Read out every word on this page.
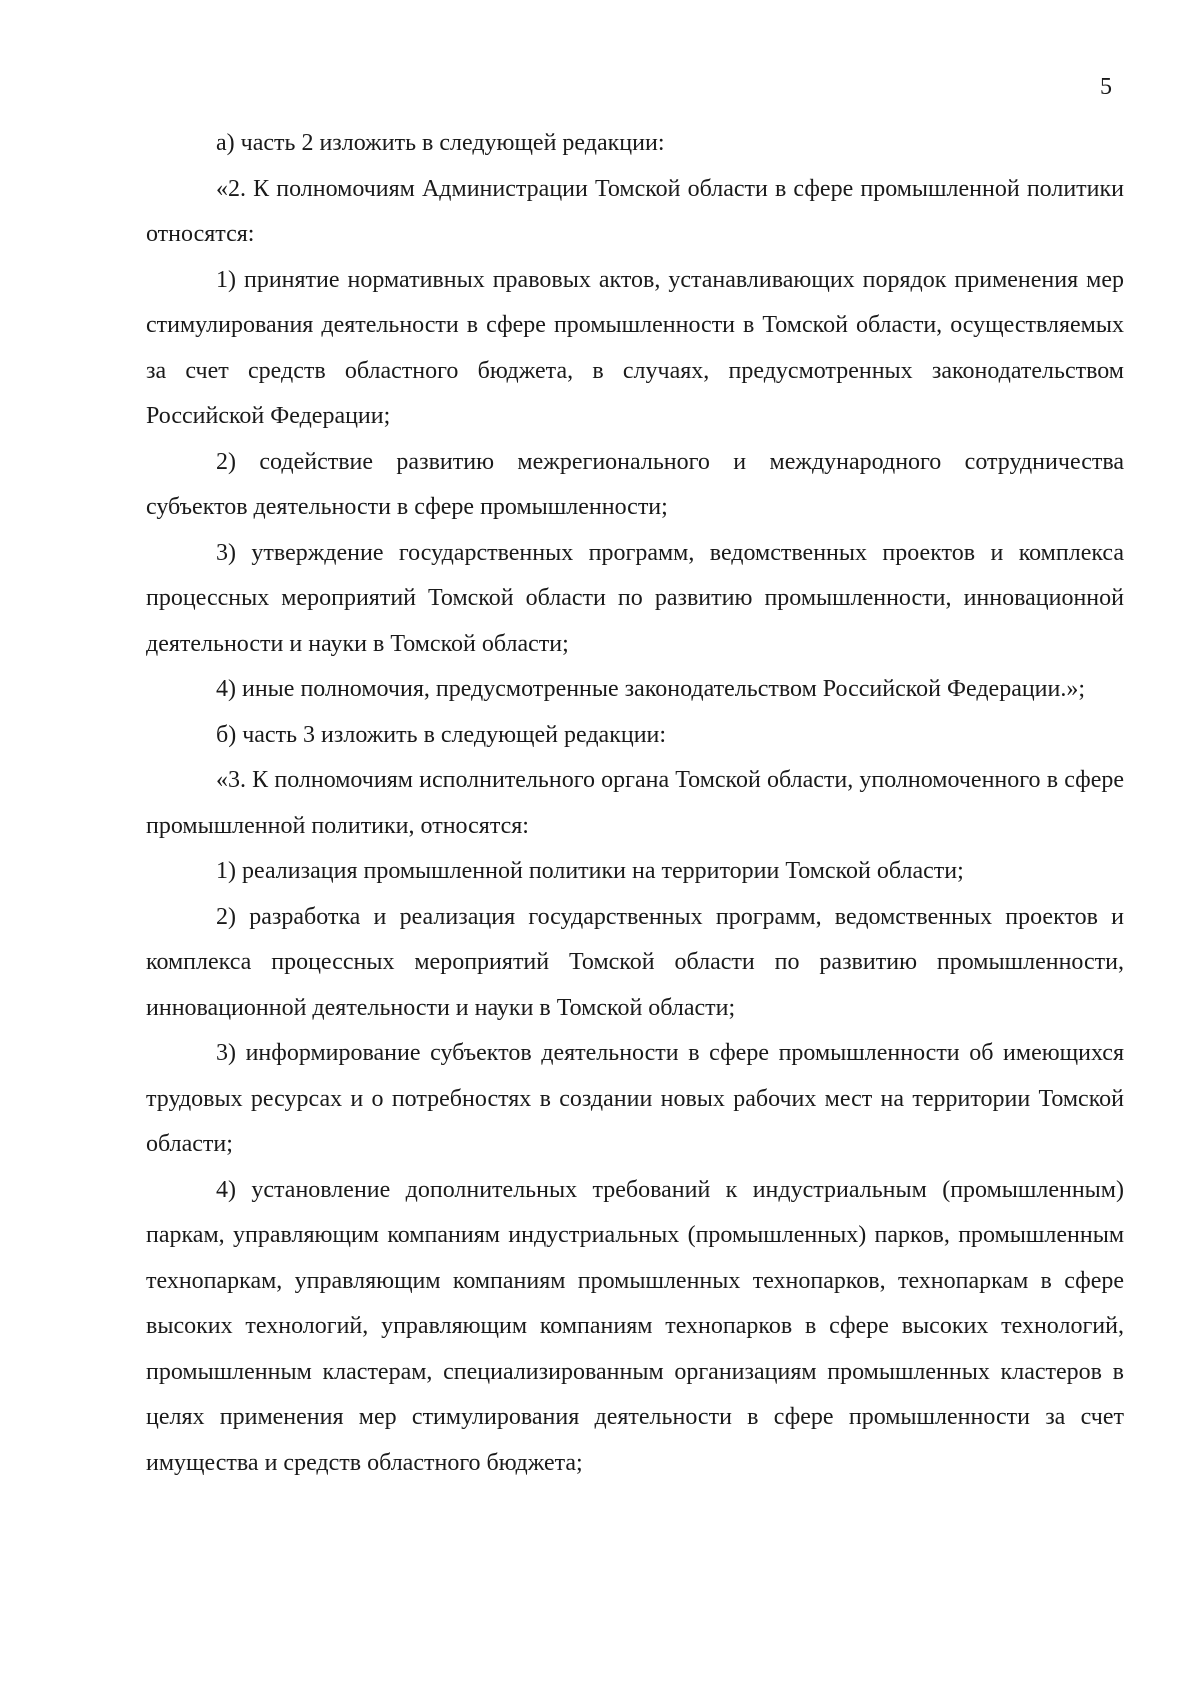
5

а) часть 2 изложить в следующей редакции:

«2. К полномочиям Администрации Томской области в сфере промышленной политики относятся:

1) принятие нормативных правовых актов, устанавливающих порядок применения мер стимулирования деятельности в сфере промышленности в Томской области, осуществляемых за счет средств областного бюджета, в случаях, предусмотренных законодательством Российской Федерации;

2) содействие развитию межрегионального и международного сотрудничества субъектов деятельности в сфере промышленности;

3) утверждение государственных программ, ведомственных проектов и комплекса процессных мероприятий Томской области по развитию промышленности, инновационной деятельности и науки в Томской области;

4) иные полномочия, предусмотренные законодательством Российской Федерации.»;

б) часть 3 изложить в следующей редакции:

«3. К полномочиям исполнительного органа Томской области, уполномоченного в сфере промышленной политики, относятся:

1) реализация промышленной политики на территории Томской области;

2) разработка и реализация государственных программ, ведомственных проектов и комплекса процессных мероприятий Томской области по развитию промышленности, инновационной деятельности и науки в Томской области;

3) информирование субъектов деятельности в сфере промышленности об имеющихся трудовых ресурсах и о потребностях в создании новых рабочих мест на территории Томской области;

4) установление дополнительных требований к индустриальным (промышленным) паркам, управляющим компаниям индустриальных (промышленных) парков, промышленным технопаркам, управляющим компаниям промышленных технопарков, технопаркам в сфере высоких технологий, управляющим компаниям технопарков в сфере высоких технологий, промышленным кластерам, специализированным организациям промышленных кластеров в целях применения мер стимулирования деятельности в сфере промышленности за счет имущества и средств областного бюджета;
